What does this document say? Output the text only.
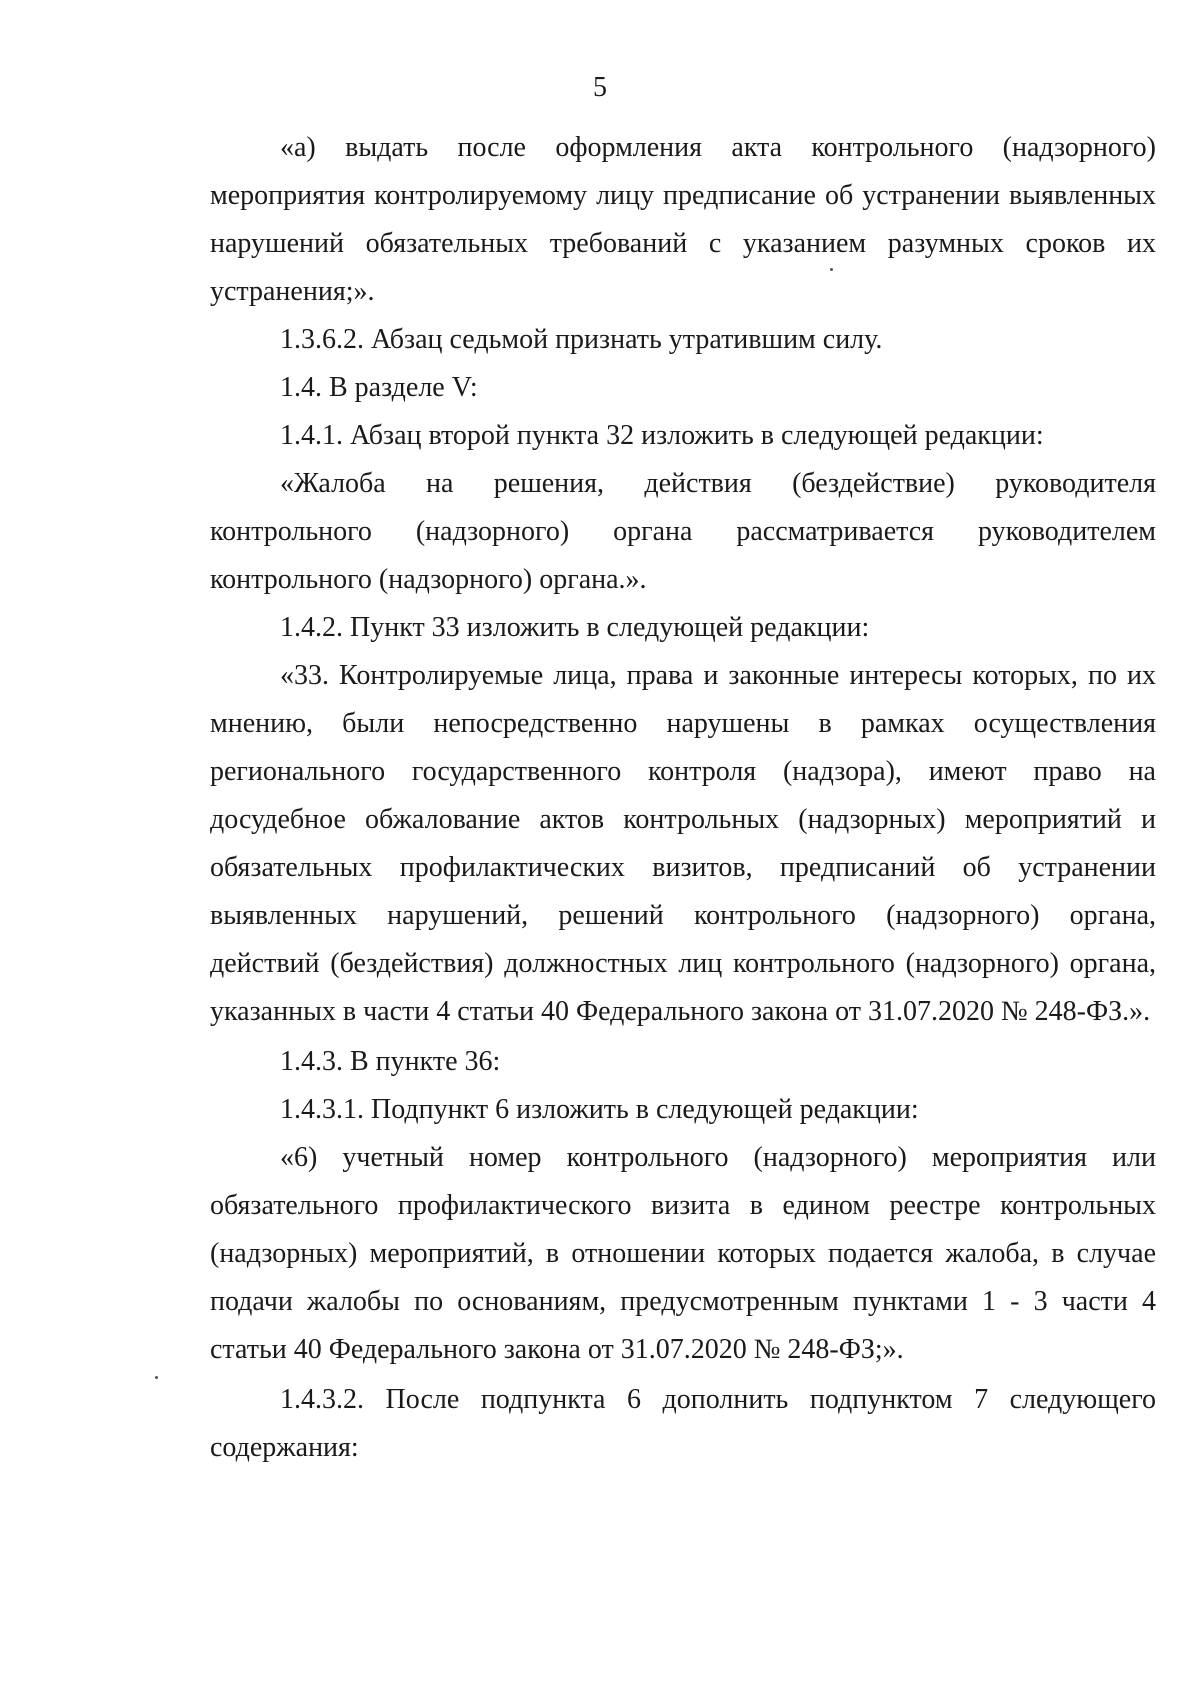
5

«а) выдать после оформления акта контрольного (надзорного) мероприятия контролируемому лицу предписание об устранении выявленных нарушений обязательных требований с указанием разумных сроков их устранения;».

1.3.6.2. Абзац седьмой признать утратившим силу.

1.4. В разделе V:

1.4.1. Абзац второй пункта 32 изложить в следующей редакции:

«Жалоба на решения, действия (бездействие) руководителя контрольного (надзорного) органа рассматривается руководителем контрольного (надзорного) органа.».

1.4.2. Пункт 33 изложить в следующей редакции:

«33. Контролируемые лица, права и законные интересы которых, по их мнению, были непосредственно нарушены в рамках осуществления регионального государственного контроля (надзора), имеют право на досудебное обжалование актов контрольных (надзорных) мероприятий и обязательных профилактических визитов, предписаний об устранении выявленных нарушений, решений контрольного (надзорного) органа, действий (бездействия) должностных лиц контрольного (надзорного) органа, указанных в части 4 статьи 40 Федерального закона от 31.07.2020 № 248-ФЗ.».

1.4.3. В пункте 36:

1.4.3.1. Подпункт 6 изложить в следующей редакции:

«6) учетный номер контрольного (надзорного) мероприятия или обязательного профилактического визита в едином реестре контрольных (надзорных) мероприятий, в отношении которых подается жалоба, в случае подачи жалобы по основаниям, предусмотренным пунктами 1 - 3 части 4 статьи 40 Федерального закона от 31.07.2020 № 248-ФЗ;».

1.4.3.2. После подпункта 6 дополнить подпунктом 7 следующего содержания:
